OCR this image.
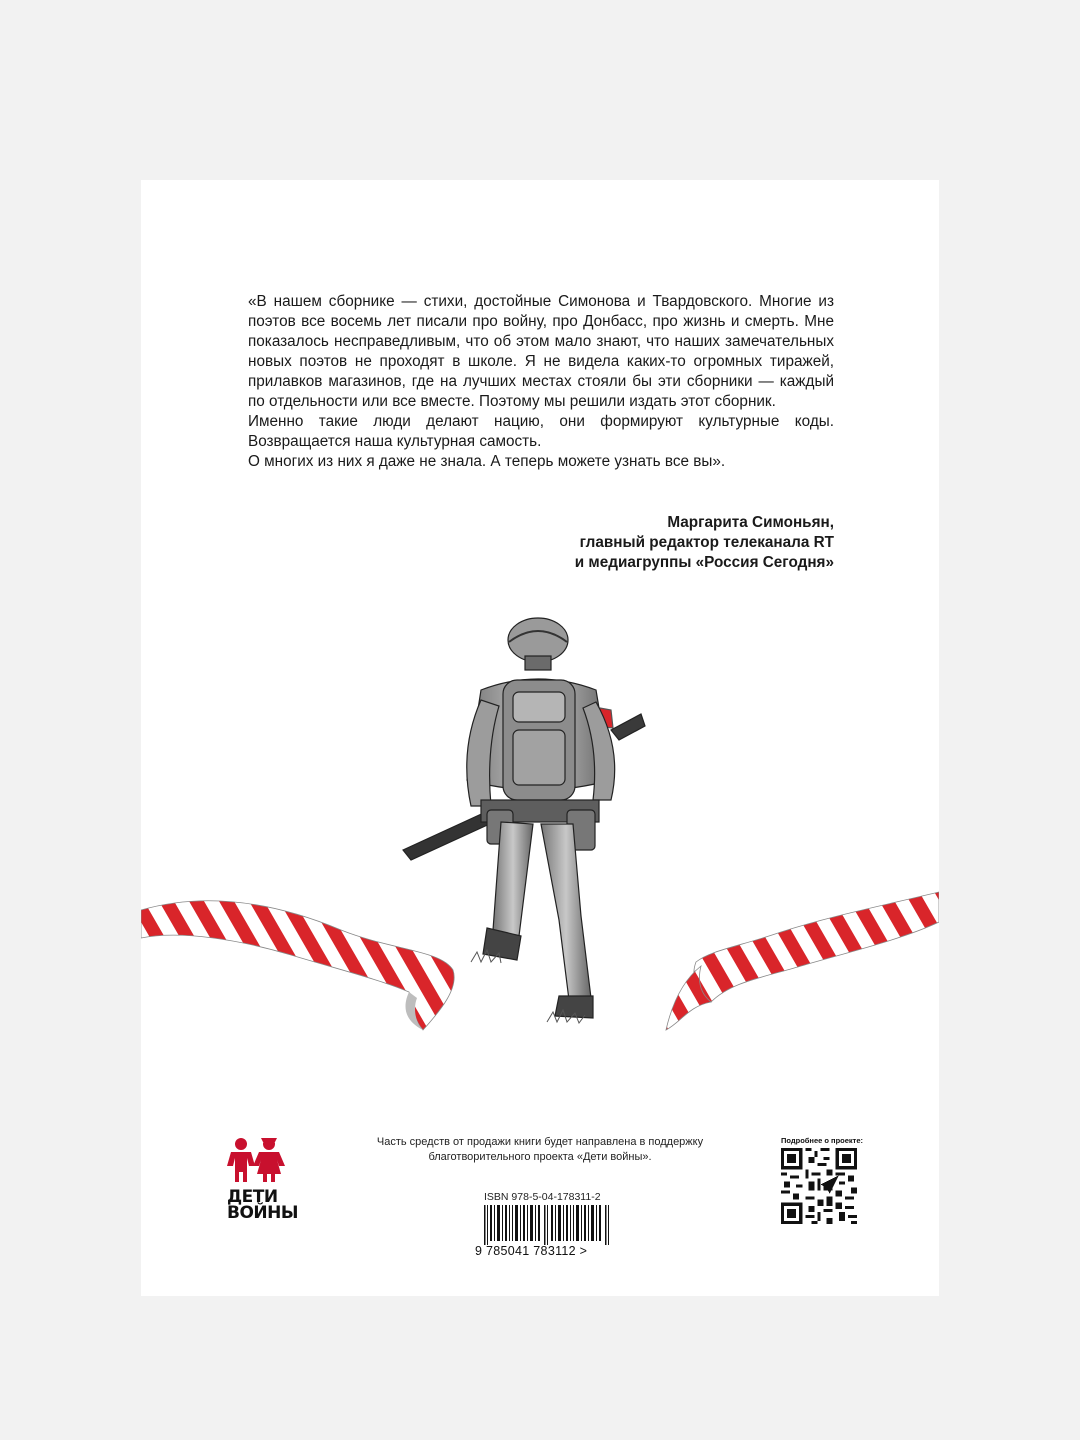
«В нашем сборнике — стихи, достойные Симонова и Твардовского. Многие из поэтов все восемь лет писали про войну, про Донбасс, про жизнь и смерть. Мне показалось несправедливым, что об этом мало знают, что наших замечательных новых поэтов не проходят в школе. Я не видела каких-то огромных тиражей, прилавков магазинов, где на лучших местах стояли бы эти сборники — каждый по отдельности или все вместе. Поэтому мы решили издать этот сборник.

Именно такие люди делают нацию, они формируют культурные коды. Возвращается наша культурная самость.

О многих из них я даже не знала. А теперь можете узнать все вы».

Маргарита Симоньян,
главный редактор телеканала RT
и медиагруппы «Россия Сегодня»
ДЕТИ
ВОЙНЫ
Часть средств от продажи книги будет направлена в поддержку благотворительного проекта «Дети войны».
ISBN 978-5-04-178311-2
9 785041 783112 >
Подробнее о проекте:
